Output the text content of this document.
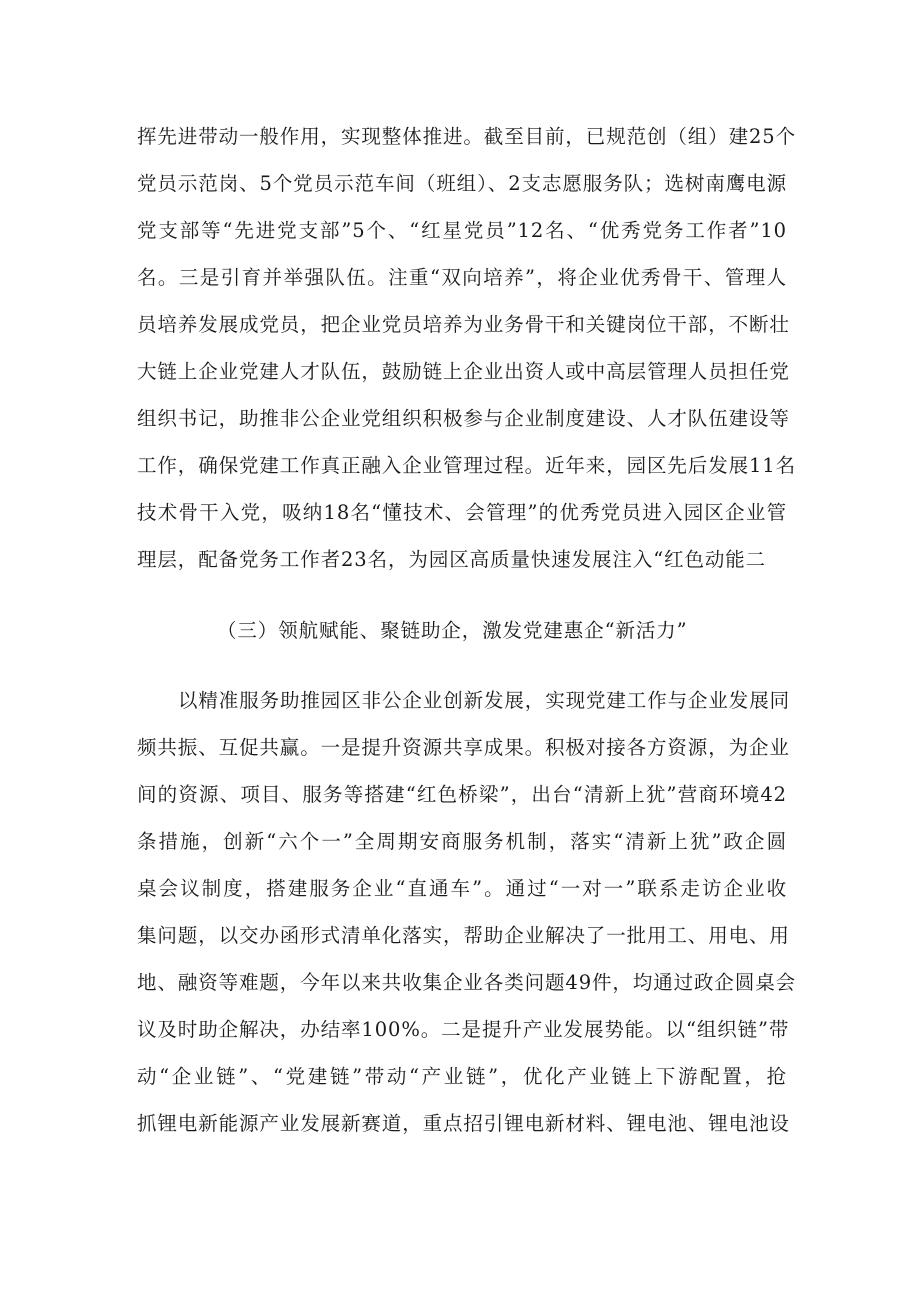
挥先进带动一般作用，实现整体推进。截至目前，已规范创（组）建25个
党员示范岗、5个党员示范车间（班组）、2支志愿服务队；选树南鹰电源
党支部等“先进党支部”5个、“红星党员”12名、“优秀党务工作者”10
名。三是引育并举强队伍。注重“双向培养”，将企业优秀骨干、管理人
员培养发展成党员，把企业党员培养为业务骨干和关键岗位干部，不断壮
大链上企业党建人才队伍，鼓励链上企业出资人或中高层管理人员担任党
组织书记，助推非公企业党组织积极参与企业制度建设、人才队伍建设等
工作，确保党建工作真正融入企业管理过程。近年来，园区先后发展11名
技术骨干入党，吸纳18名“懂技术、会管理”的优秀党员进入园区企业管
理层，配备党务工作者23名，为园区高质量快速发展注入“红色动能二
（三）领航赋能、聚链助企，激发党建惠企“新活力”
以精准服务助推园区非公企业创新发展，实现党建工作与企业发展同
频共振、互促共赢。一是提升资源共享成果。积极对接各方资源，为企业
间的资源、项目、服务等搭建“红色桥梁”，出台“清新上犹”营商环境42
条措施，创新“六个一”全周期安商服务机制，落实“清新上犹”政企圆
桌会议制度，搭建服务企业“直通车”。通过“一对一”联系走访企业收
集问题，以交办函形式清单化落实，帮助企业解决了一批用工、用电、用
地、融资等难题，今年以来共收集企业各类问题49件，均通过政企圆桌会
议及时助企解决，办结率100%。二是提升产业发展势能。以“组织链”带
动“企业链”、“党建链”带动“产业链”，优化产业链上下游配置，抢
抓锂电新能源产业发展新赛道，重点招引锂电新材料、锂电池、锂电池设
